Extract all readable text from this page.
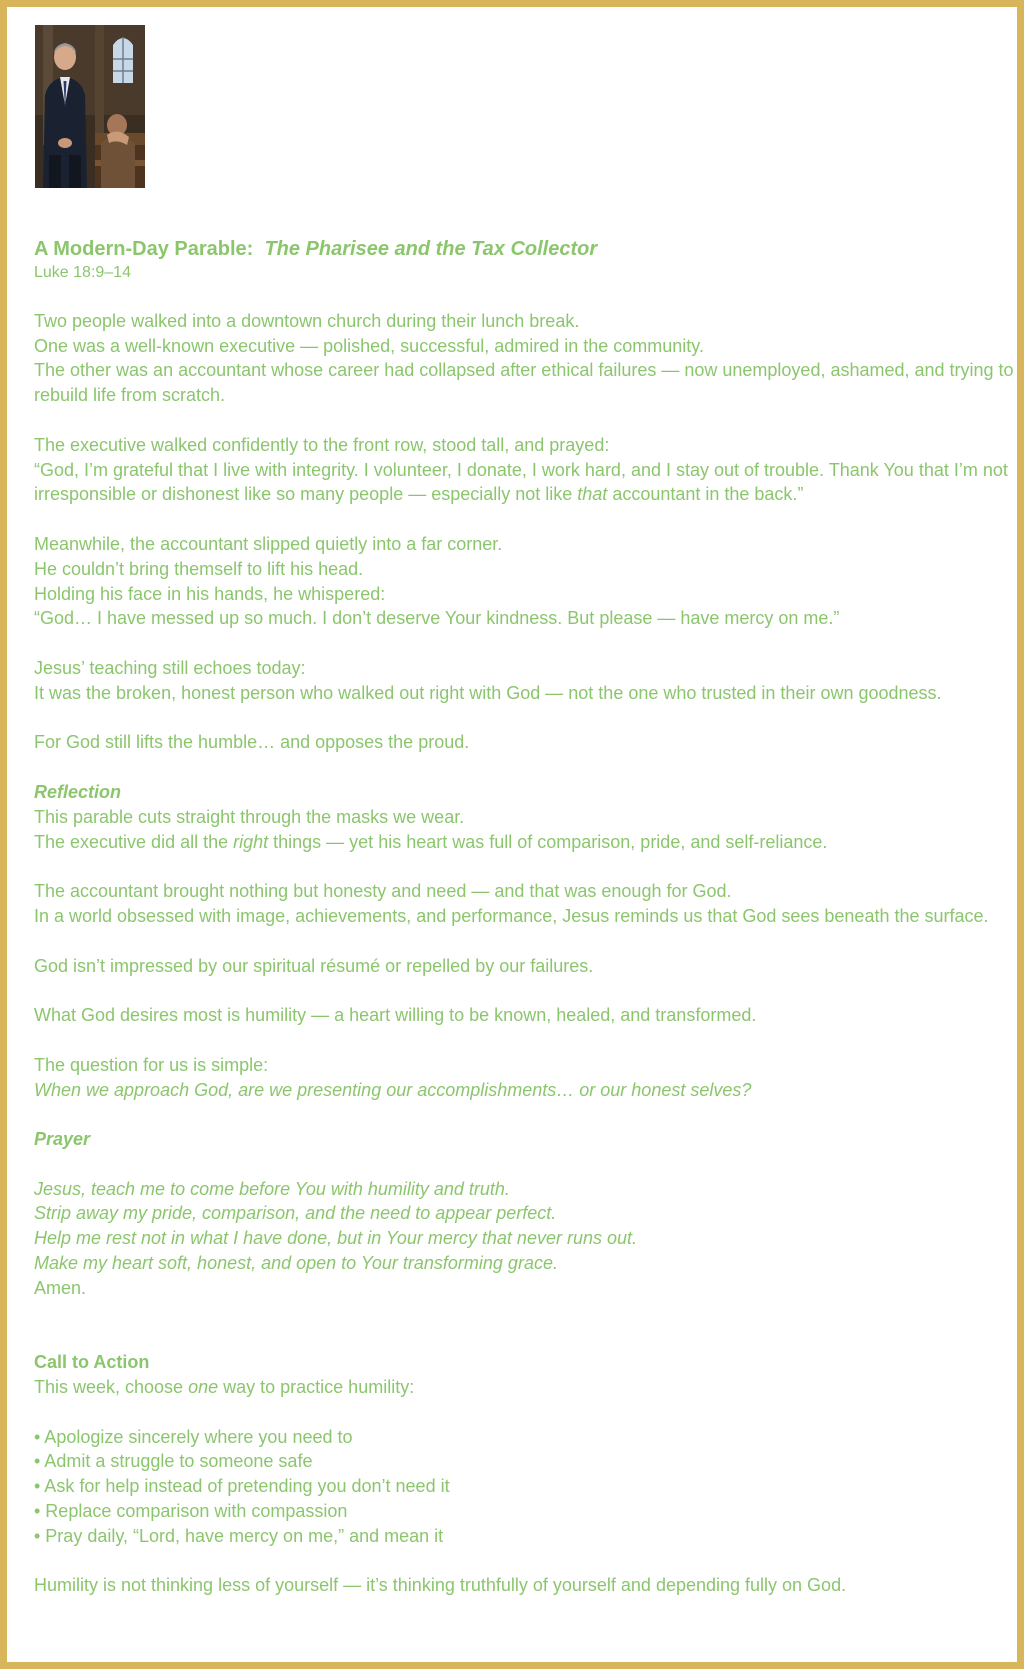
A Modern-Day Parable: The Pharisee and the Tax Collector

Luke 18:9–14

Two people walked into a downtown church during their lunch break.

One was a well-known executive — polished, successful, admired in the community.

The other was an accountant whose career had collapsed after ethical failures — now unemployed, ashamed, and trying to rebuild life from scratch.

The executive walked confidently to the front row, stood tall, and prayed:

“God, I’m grateful that I live with integrity. I volunteer, I donate, I work hard, and I stay out of trouble. Thank You that I’m not irresponsible or dishonest like so many people — especially not like that accountant in the back.”

Meanwhile, the accountant slipped quietly into a far corner.

He couldn’t bring themself to lift his head.

Holding his face in his hands, he whispered:

“God… I have messed up so much. I don’t deserve Your kindness. But please — have mercy on me.”

Jesus’ teaching still echoes today:

It was the broken, honest person who walked out right with God — not the one who trusted in their own goodness.

For God still lifts the humble… and opposes the proud.

Reflection

This parable cuts straight through the masks we wear.

The executive did all the right things — yet his heart was full of comparison, pride, and self-reliance.

The accountant brought nothing but honesty and need — and that was enough for God.

In a world obsessed with image, achievements, and performance, Jesus reminds us that God sees beneath the surface.

God isn’t impressed by our spiritual résumé or repelled by our failures.

What God desires most is humility — a heart willing to be known, healed, and transformed.

The question for us is simple:

When we approach God, are we presenting our accomplishments… or our honest selves?

Prayer

Jesus, teach me to come before You with humility and truth.

Strip away my pride, comparison, and the need to appear perfect.

Help me rest not in what I have done, but in Your mercy that never runs out.

Make my heart soft, honest, and open to Your transforming grace.

Amen.

Call to Action

This week, choose one way to practice humility:

• Apologize sincerely where you need to

• Admit a struggle to someone safe

• Ask for help instead of pretending you don’t need it

• Replace comparison with compassion

• Pray daily, “Lord, have mercy on me,” and mean it

Humility is not thinking less of yourself — it’s thinking truthfully of yourself and depending fully on God.
